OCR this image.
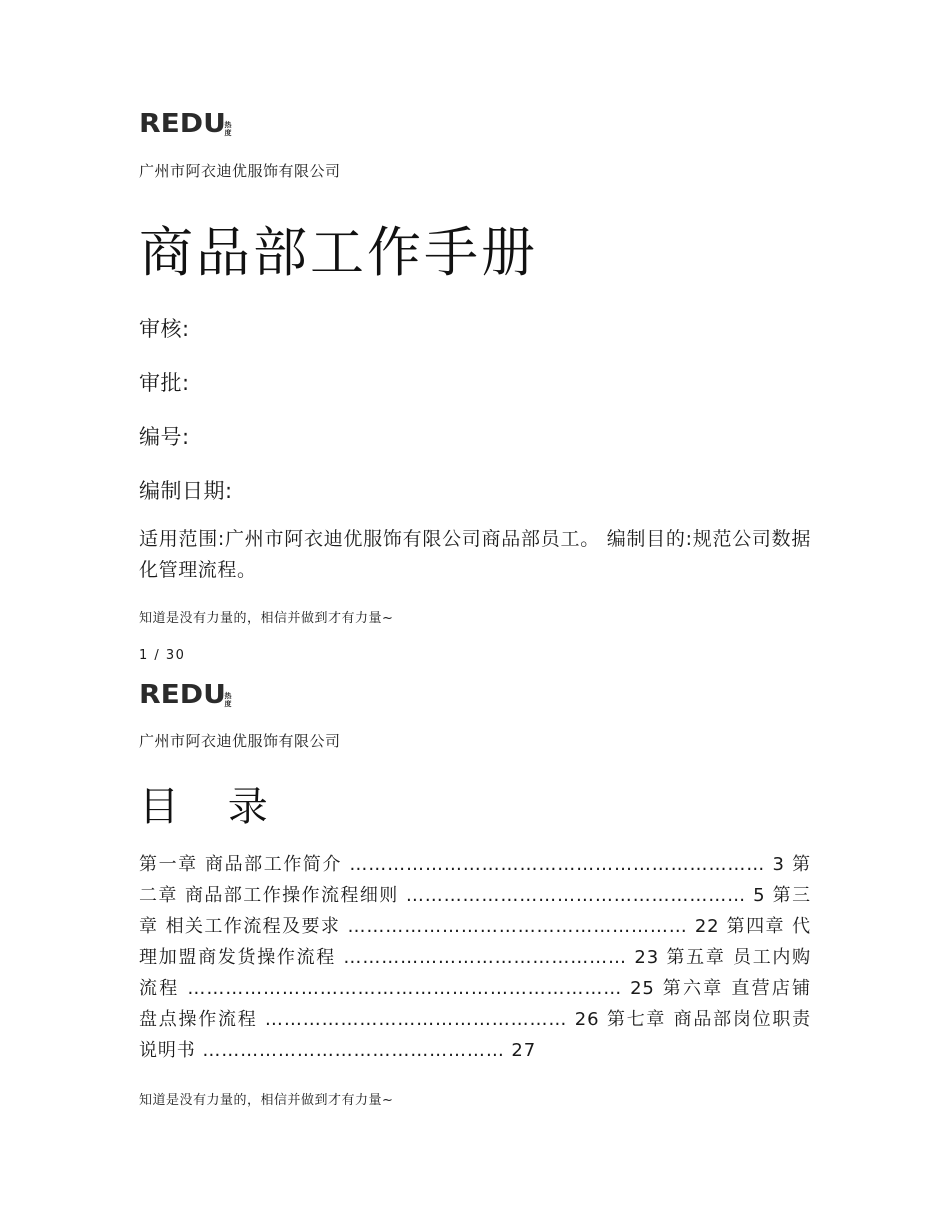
REDU
热
度
广州市阿衣迪优服饰有限公司
商品部工作手册
审核:
审批:
编号:
编制日期:
适用范围:广州市阿衣迪优服饰有限公司商品部员工。 编制目的:规范公司数据化管理流程。
知道是没有力量的，相信并做到才有力量~
1 / 30
REDU
热
度
广州市阿衣迪优服饰有限公司
目 录
第一章 商品部工作简介 ………………………………………………………… 3 第二章 商品部工作操作流程细则 ……………………………………………… 5 第三章 相关工作流程及要求 ……………………………………………… 22 第四章 代理加盟商发货操作流程 ……………………………………… 23 第五章 员工内购流程 …………………………………………………………… 25 第六章 直营店铺盘点操作流程 ………………………………………… 26 第七章 商品部岗位职责说明书 ………………………………………… 27
知道是没有力量的，相信并做到才有力量~
